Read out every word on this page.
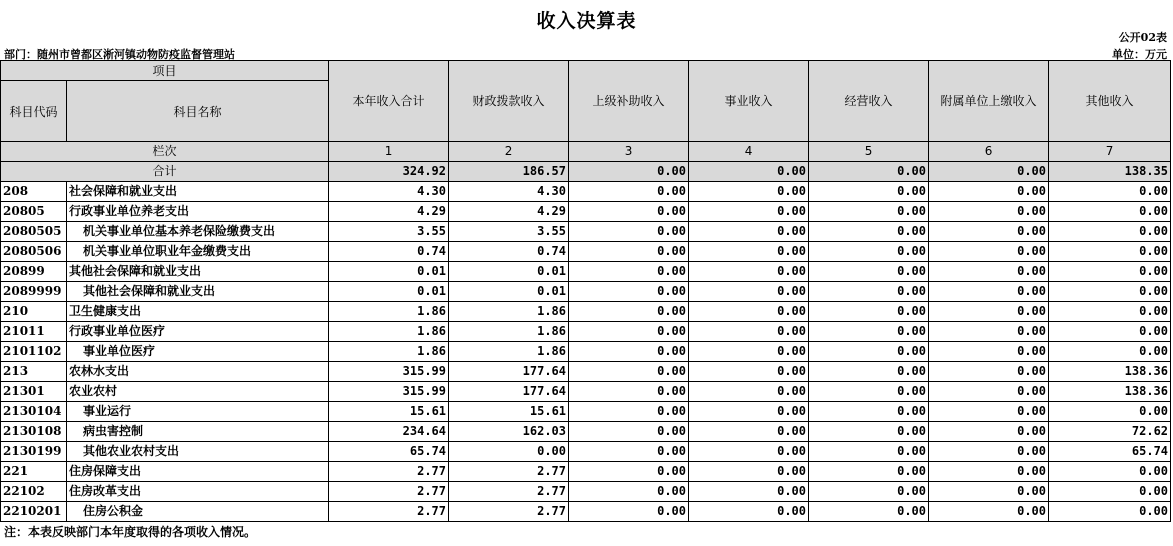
收入决算表
公开02表
部门：随州市曾都区淅河镇动物防疫监督管理站	单位：万元
项目		本年收入合计	财政拨款收入	上级补助收入	事业收入	经营收入	附属单位上缴收入	其他收入
科目代码	科目名称							
栏次		1	2	3	4	5	6	7
合计		324.92	186.57	0.00	0.00	0.00	0.00	138.35
208	社会保障和就业支出	4.30	4.30	0.00	0.00	0.00	0.00	0.00
20805	行政事业单位养老支出	4.29	4.29	0.00	0.00	0.00	0.00	0.00
2080505	机关事业单位基本养老保险缴费支出	3.55	3.55	0.00	0.00	0.00	0.00	0.00
2080506	机关事业单位职业年金缴费支出	0.74	0.74	0.00	0.00	0.00	0.00	0.00
20899	其他社会保障和就业支出	0.01	0.01	0.00	0.00	0.00	0.00	0.00
2089999	其他社会保障和就业支出	0.01	0.01	0.00	0.00	0.00	0.00	0.00
210	卫生健康支出	1.86	1.86	0.00	0.00	0.00	0.00	0.00
21011	行政事业单位医疗	1.86	1.86	0.00	0.00	0.00	0.00	0.00
2101102	事业单位医疗	1.86	1.86	0.00	0.00	0.00	0.00	0.00
213	农林水支出	315.99	177.64	0.00	0.00	0.00	0.00	138.36
21301	农业农村	315.99	177.64	0.00	0.00	0.00	0.00	138.36
2130104	事业运行	15.61	15.61	0.00	0.00	0.00	0.00	0.00
2130108	病虫害控制	234.64	162.03	0.00	0.00	0.00	0.00	72.62
2130199	其他农业农村支出	65.74	0.00	0.00	0.00	0.00	0.00	65.74
221	住房保障支出	2.77	2.77	0.00	0.00	0.00	0.00	0.00
22102	住房改革支出	2.77	2.77	0.00	0.00	0.00	0.00	0.00
2210201	住房公积金	2.77	2.77	0.00	0.00	0.00	0.00	0.00
注：本表反映部门本年度取得的各项收入情况。
